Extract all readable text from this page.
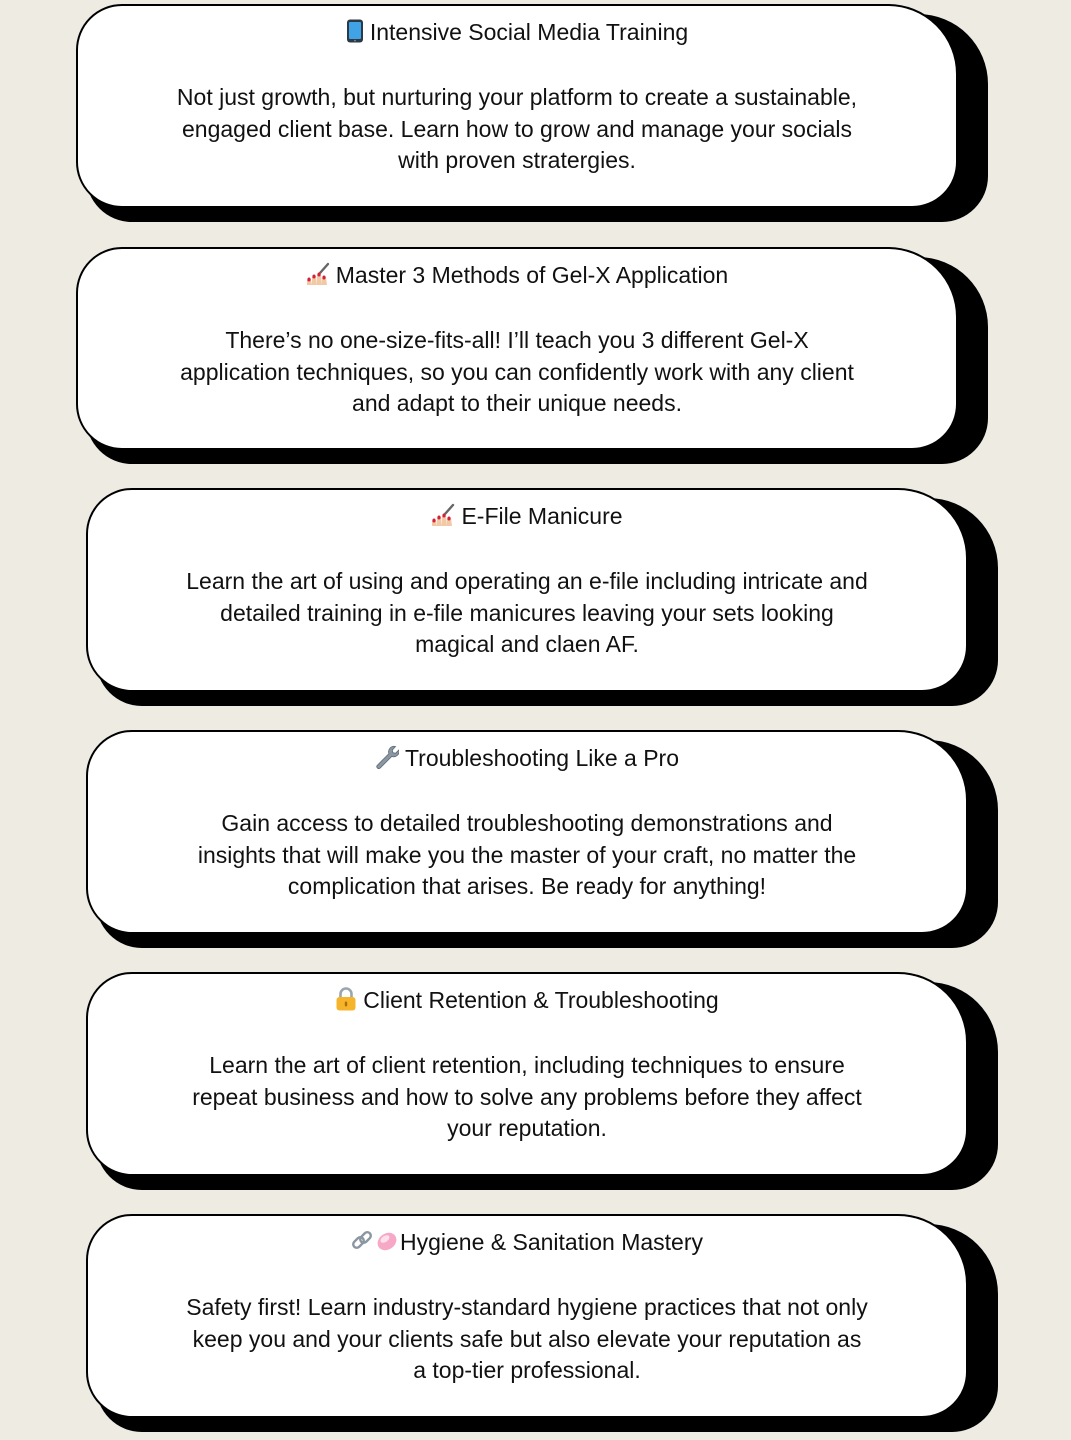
Intensive Social Media Training
Not just growth, but nurturing your platform to create a sustainable,
engaged client base. Learn how to grow and manage your socials
with proven stratergies.
Master 3 Methods of Gel-X Application
There’s no one-size-fits-all! I’ll teach you 3 different Gel-X
application techniques, so you can confidently work with any client
and adapt to their unique needs.
E-File Manicure
Learn the art of using and operating an e-file including intricate and
detailed training in e-file manicures leaving your sets looking
magical and claen AF.
Troubleshooting Like a Pro
Gain access to detailed troubleshooting demonstrations and
insights that will make you the master of your craft, no matter the
complication that arises. Be ready for anything!
Client Retention & Troubleshooting
Learn the art of client retention, including techniques to ensure
repeat business and how to solve any problems before they affect
your reputation.
Hygiene & Sanitation Mastery
Safety first! Learn industry-standard hygiene practices that not only
keep you and your clients safe but also elevate your reputation as
a top-tier professional.
